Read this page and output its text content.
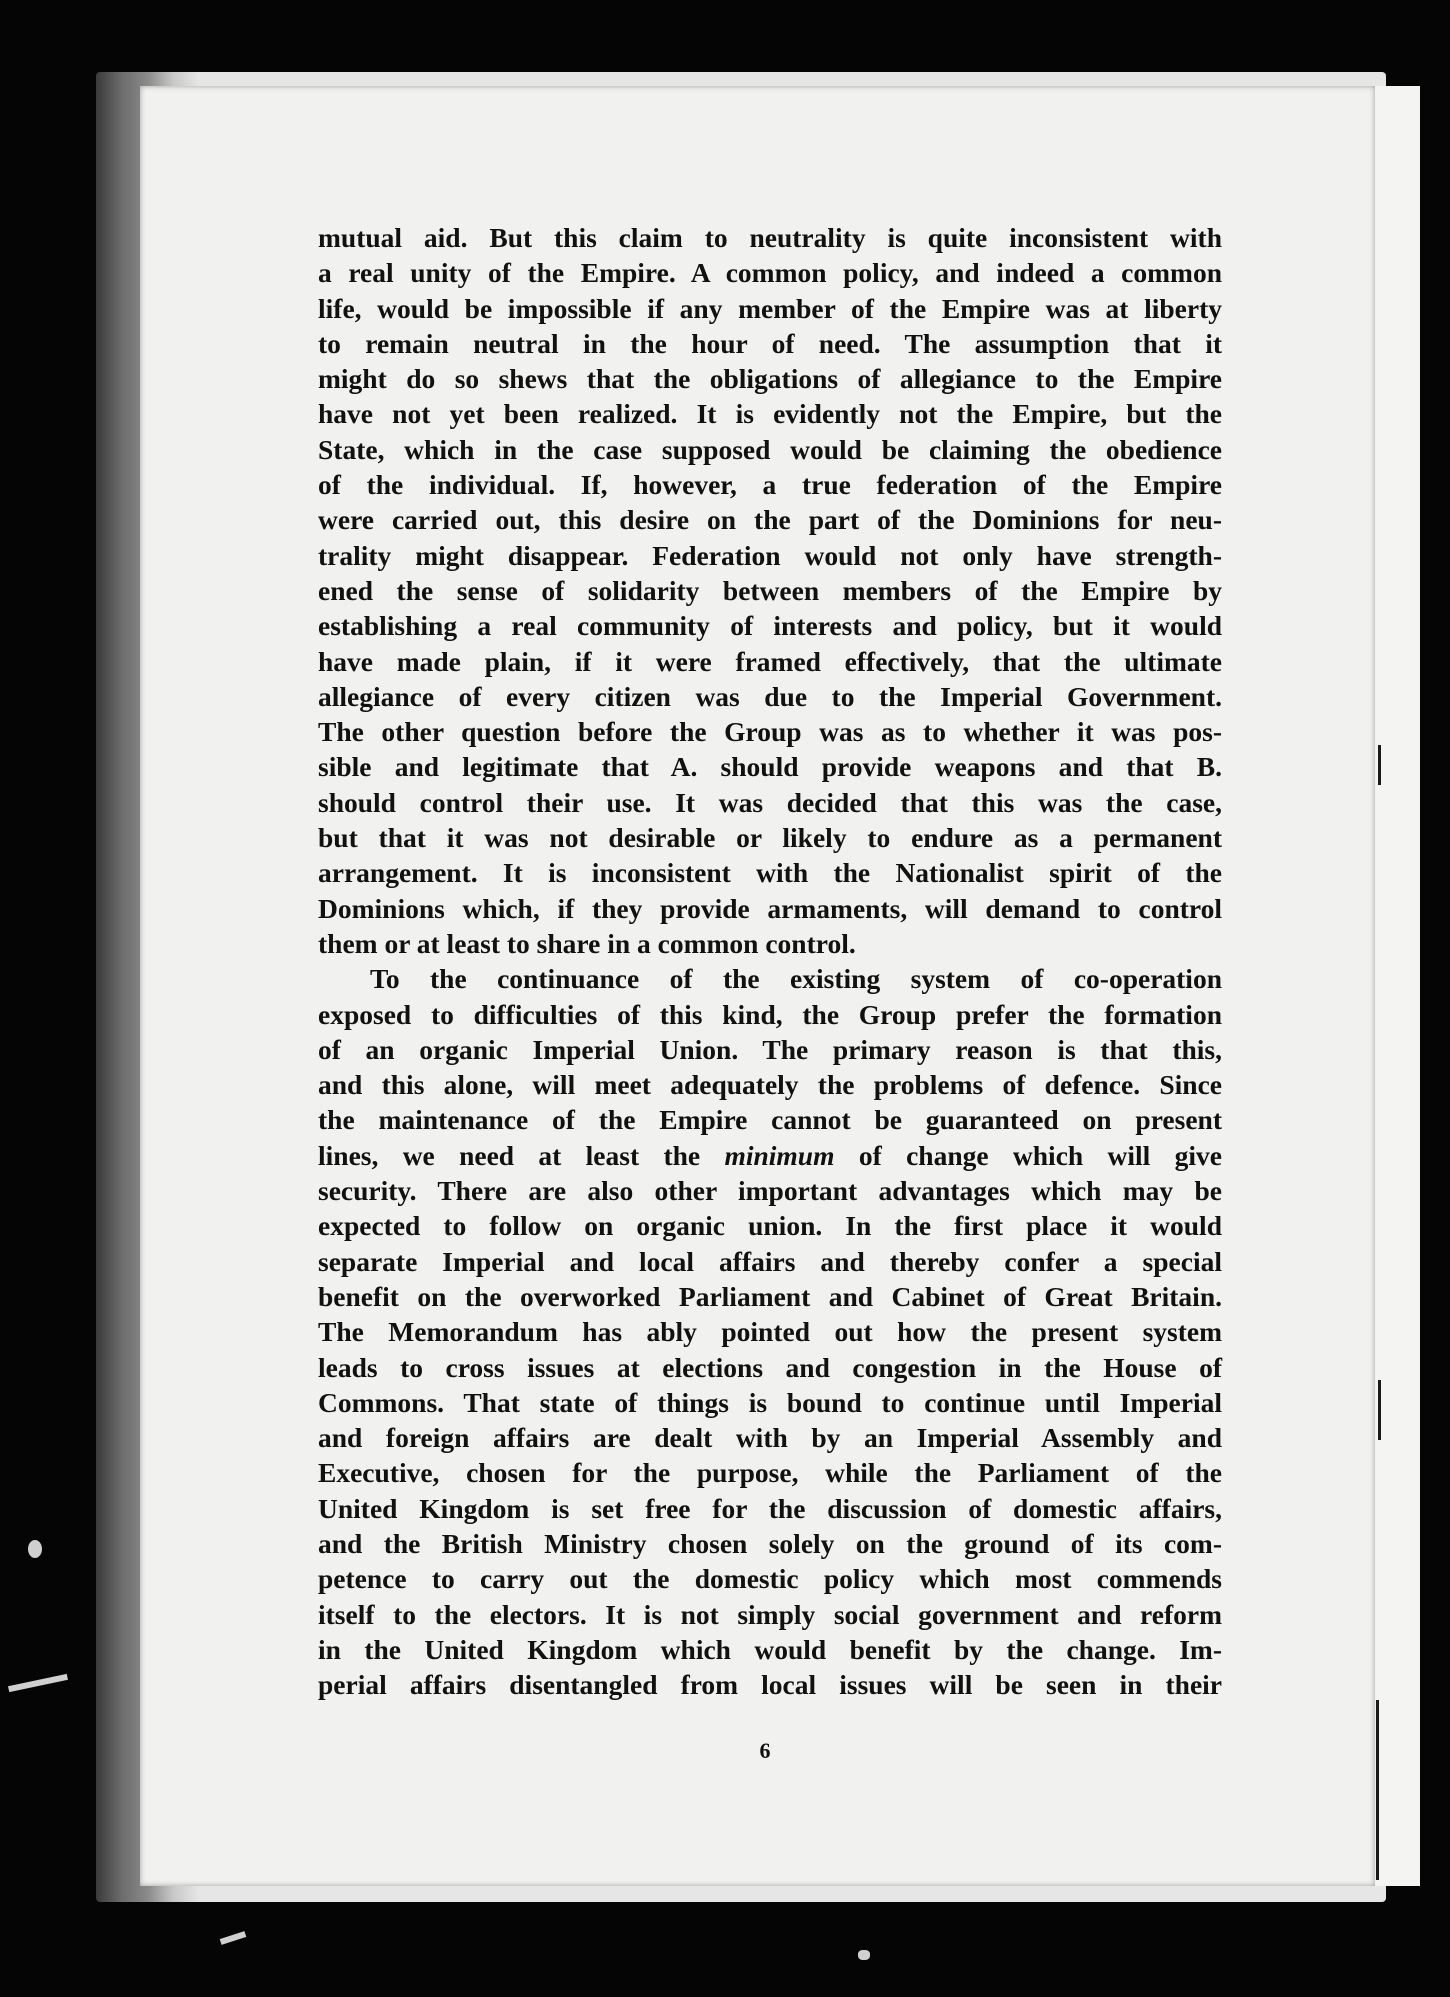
mutual aid. But this claim to neutrality is quite inconsistent with
a real unity of the Empire. A common policy, and indeed a common
life, would be impossible if any member of the Empire was at liberty
to remain neutral in the hour of need. The assumption that it
might do so shews that the obligations of allegiance to the Empire
have not yet been realized. It is evidently not the Empire, but the
State, which in the case supposed would be claiming the obedience
of the individual. If, however, a true federation of the Empire
were carried out, this desire on the part of the Dominions for neu-
trality might disappear. Federation would not only have strength-
ened the sense of solidarity between members of the Empire by
establishing a real community of interests and policy, but it would
have made plain, if it were framed effectively, that the ultimate
allegiance of every citizen was due to the Imperial Government.
The other question before the Group was as to whether it was pos-
sible and legitimate that A. should provide weapons and that B.
should control their use. It was decided that this was the case,
but that it was not desirable or likely to endure as a permanent
arrangement. It is inconsistent with the Nationalist spirit of the
Dominions which, if they provide armaments, will demand to control
them or at least to share in a common control.
To the continuance of the existing system of co-operation
exposed to difficulties of this kind, the Group prefer the formation
of an organic Imperial Union. The primary reason is that this,
and this alone, will meet adequately the problems of defence. Since
the maintenance of the Empire cannot be guaranteed on present
lines, we need at least the minimum of change which will give
security. There are also other important advantages which may be
expected to follow on organic union. In the first place it would
separate Imperial and local affairs and thereby confer a special
benefit on the overworked Parliament and Cabinet of Great Britain.
The Memorandum has ably pointed out how the present system
leads to cross issues at elections and congestion in the House of
Commons. That state of things is bound to continue until Imperial
and foreign affairs are dealt with by an Imperial Assembly and
Executive, chosen for the purpose, while the Parliament of the
United Kingdom is set free for the discussion of domestic affairs,
and the British Ministry chosen solely on the ground of its com-
petence to carry out the domestic policy which most commends
itself to the electors. It is not simply social government and reform
in the United Kingdom which would benefit by the change. Im-
perial affairs disentangled from local issues will be seen in their
6
